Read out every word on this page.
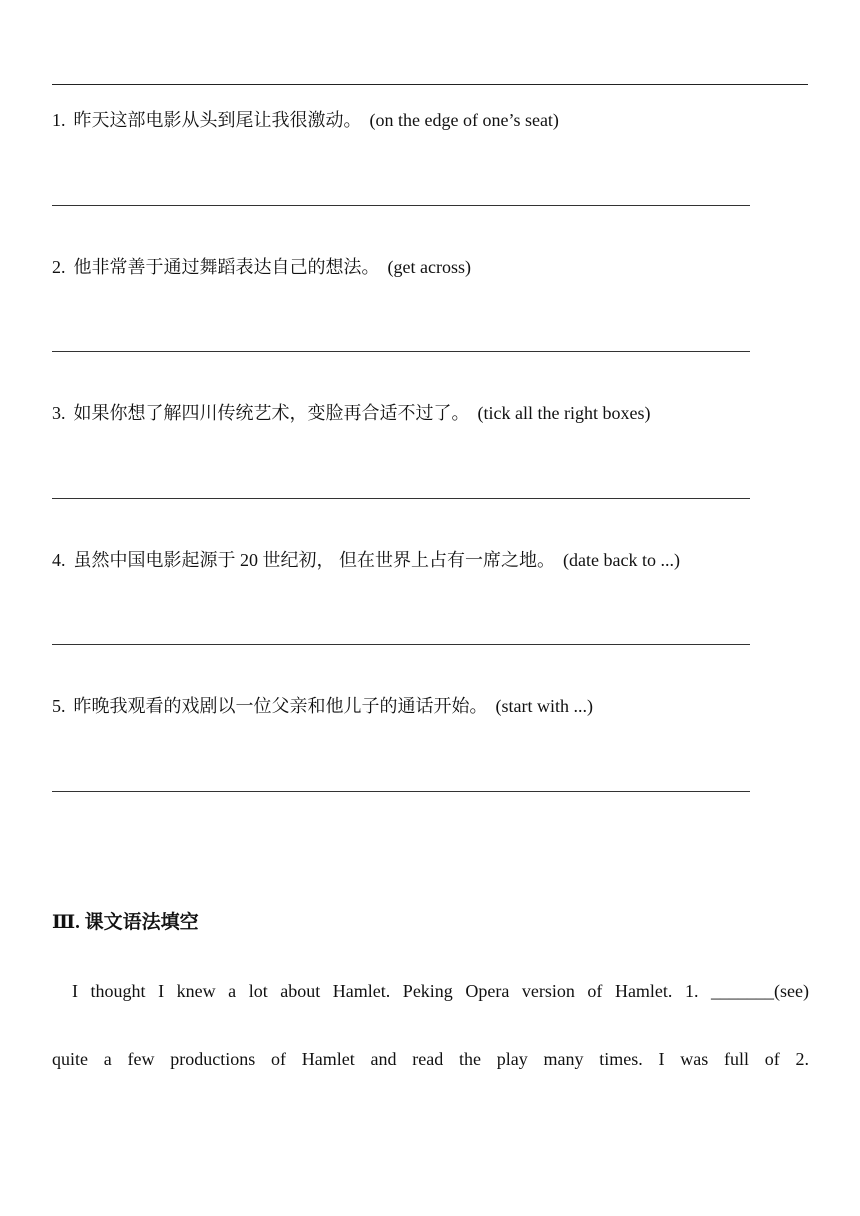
1. 昨天这部电影从头到尾让我很激动。 (on the edge of one’s seat)
2. 他非常善于通过舞蹈表达自己的想法。 (get across)
3. 如果你想了解四川传统艺术，变脸再合适不过了。 (tick all the right boxes)
4. 虽然中国电影起源于 20 世纪初， 但在世界上占有一席之地。 (date back to ...)
5. 昨晚我观看的戏剧以一位父亲和他儿子的通话开始。 (start with ...)
Ⅲ. 课文语法填空
I thought I knew a lot about Hamlet. Peking Opera version of Hamlet. 1. _______(see)
quite a few productions of Hamlet and read the play many times. I was full of 2.
